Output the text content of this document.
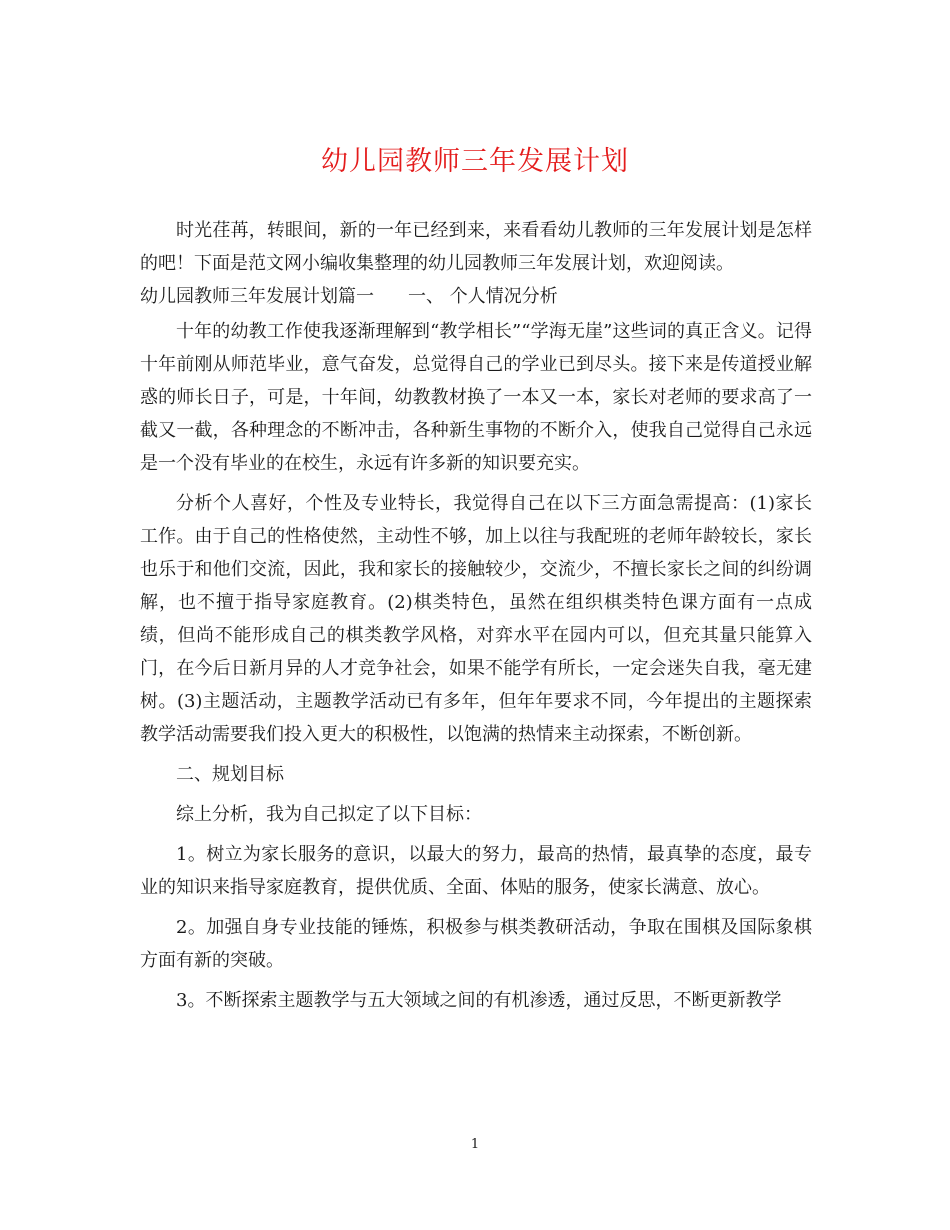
幼儿园教师三年发展计划

时光荏苒，转眼间，新的一年已经到来，来看看幼儿教师的三年发展计划是怎样的吧！下面是范文网小编收集整理的幼儿园教师三年发展计划，欢迎阅读。

幼儿园教师三年发展计划篇一 一、 个人情况分析

十年的幼教工作使我逐渐理解到“教学相长”“学海无崖”这些词的真正含义。记得十年前刚从师范毕业，意气奋发，总觉得自己的学业已到尽头。接下来是传道授业解惑的师长日子，可是，十年间，幼教教材换了一本又一本，家长对老师的要求高了一截又一截，各种理念的不断冲击，各种新生事物的不断介入，使我自己觉得自己永远是一个没有毕业的在校生，永远有许多新的知识要充实。

分析个人喜好，个性及专业特长，我觉得自己在以下三方面急需提高：(1)家长工作。由于自己的性格使然，主动性不够，加上以往与我配班的老师年龄较长，家长也乐于和他们交流，因此，我和家长的接触较少，交流少，不擅长家长之间的纠纷调解，也不擅于指导家庭教育。(2)棋类特色，虽然在组织棋类特色课方面有一点成绩，但尚不能形成自己的棋类教学风格，对弈水平在园内可以，但充其量只能算入门，在今后日新月异的人才竞争社会，如果不能学有所长，一定会迷失自我，毫无建树。(3)主题活动，主题教学活动已有多年，但年年要求不同，今年提出的主题探索教学活动需要我们投入更大的积极性，以饱满的热情来主动探索，不断创新。

二、规划目标

综上分析，我为自己拟定了以下目标：

1。树立为家长服务的意识，以最大的努力，最高的热情，最真挚的态度，最专业的知识来指导家庭教育，提供优质、全面、体贴的服务，使家长满意、放心。

2。加强自身专业技能的锤炼，积极参与棋类教研活动，争取在围棋及国际象棋方面有新的突破。

3。不断探索主题教学与五大领域之间的有机渗透，通过反思，不断更新教学

1
